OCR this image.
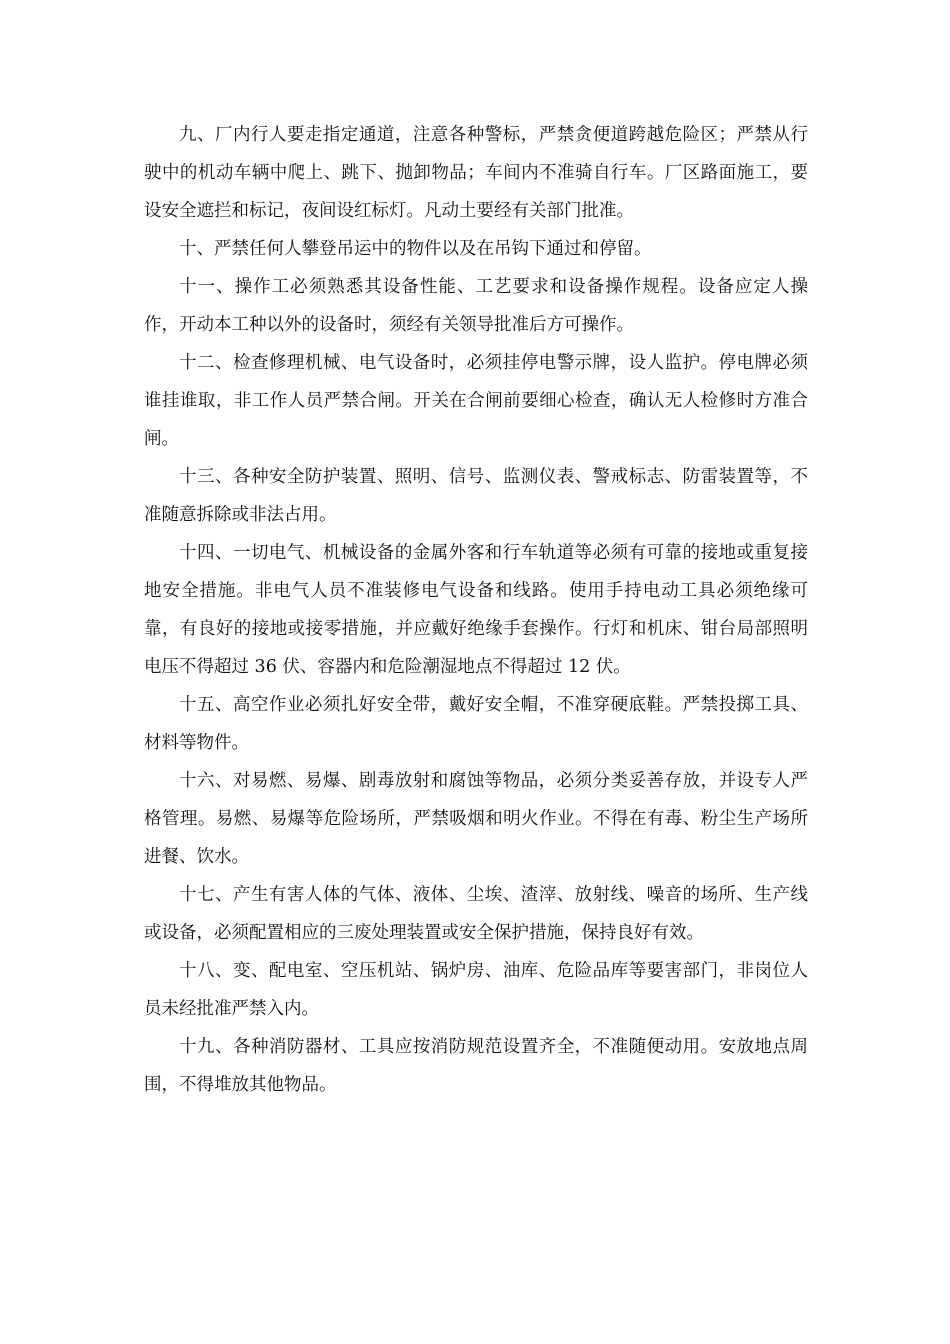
九、厂内行人要走指定通道，注意各种警标，严禁贪便道跨越危险区；严禁从行驶中的机动车辆中爬上、跳下、抛卸物品；车间内不准骑自行车。厂区路面施工，要设安全遮拦和标记，夜间设红标灯。凡动土要经有关部门批准。

十、严禁任何人攀登吊运中的物件以及在吊钩下通过和停留。

十一、操作工必须熟悉其设备性能、工艺要求和设备操作规程。设备应定人操作，开动本工种以外的设备时，须经有关领导批准后方可操作。

十二、检查修理机械、电气设备时，必须挂停电警示牌，设人监护。停电牌必须谁挂谁取，非工作人员严禁合闸。开关在合闸前要细心检查，确认无人检修时方准合闸。

十三、各种安全防护装置、照明、信号、监测仪表、警戒标志、防雷装置等，不准随意拆除或非法占用。

十四、一切电气、机械设备的金属外客和行车轨道等必须有可靠的接地或重复接地安全措施。非电气人员不准装修电气设备和线路。使用手持电动工具必须绝缘可靠，有良好的接地或接零措施，并应戴好绝缘手套操作。行灯和机床、钳台局部照明电压不得超过 36 伏、容器内和危险潮湿地点不得超过 12 伏。

十五、高空作业必须扎好安全带，戴好安全帽，不准穿硬底鞋。严禁投掷工具、材料等物件。

十六、对易燃、易爆、剧毒放射和腐蚀等物品，必须分类妥善存放，并设专人严格管理。易燃、易爆等危险场所，严禁吸烟和明火作业。不得在有毒、粉尘生产场所进餐、饮水。

十七、产生有害人体的气体、液体、尘埃、渣滓、放射线、噪音的场所、生产线或设备，必须配置相应的三废处理装置或安全保护措施，保持良好有效。

十八、变、配电室、空压机站、锅炉房、油库、危险品库等要害部门，非岗位人员未经批准严禁入内。

十九、各种消防器材、工具应按消防规范设置齐全，不准随便动用。安放地点周围，不得堆放其他物品。
